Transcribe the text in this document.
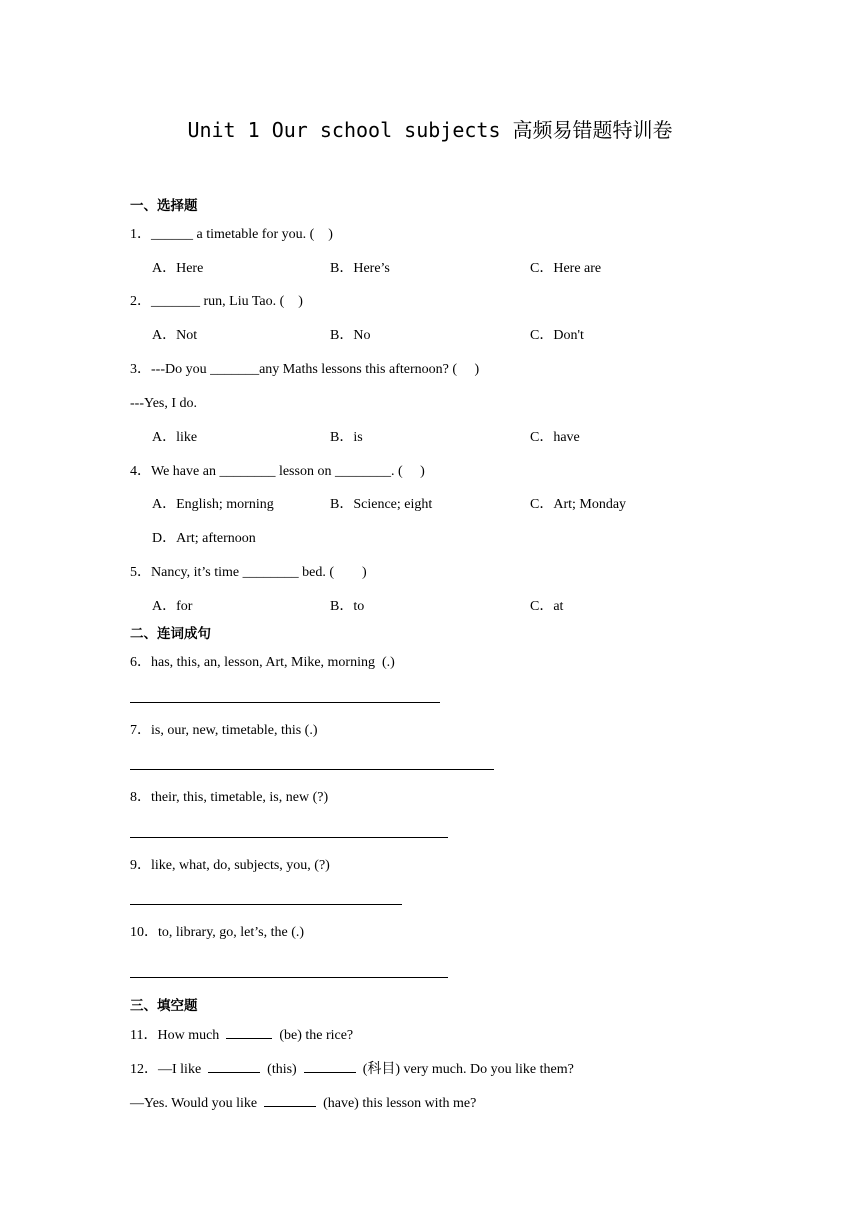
Unit 1 Our school subjects 高频易错题特训卷
一、选择题
1．______ a timetable for you. (　)
A．Here	B．Here’s	C．Here are
2．_______ run, Liu Tao. (　)
A．Not	B．No	C．Don't
3．---Do you _______any Maths lessons this afternoon? (　 )
---Yes, I do.
A．like	B．is	C．have
4．We have an ________ lesson on ________. (　 )
A．English; morning	B．Science; eight	C．Art; Monday
D．Art; afternoon
5．Nancy, it’s time ________ bed. (　　)
A．for	B．to	C．at
二、连词成句
6．has, this, an, lesson, Art, Mike, morning  (.)
7．is, our, new, timetable, this (.)
8．their, this, timetable, is, new (?)
9．like, what, do, subjects, you, (?)
10．to, library, go, let’s, the (.)
三、填空题
11．How much	(be) the rice?
12．—I like	(this)	(科目) very much. Do you like them?
—Yes. Would you like	(have) this lesson with me?
